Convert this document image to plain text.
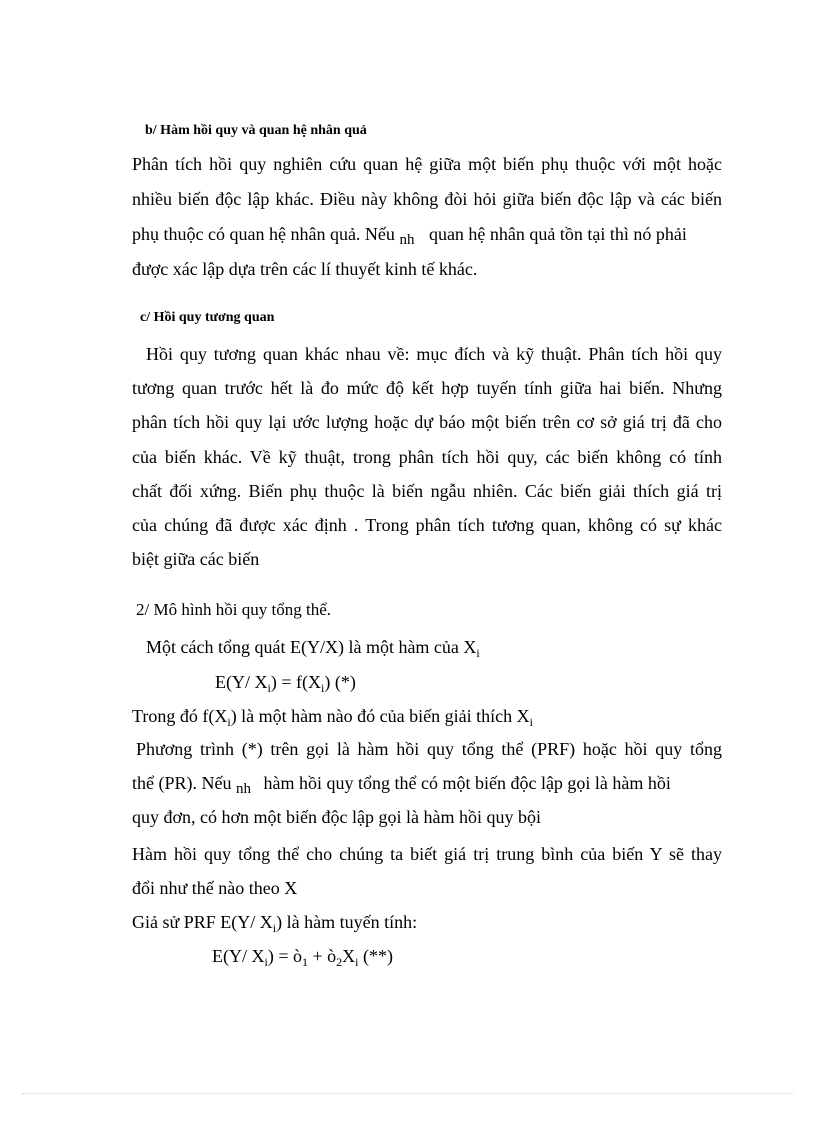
b/ Hàm hồi quy và quan hệ nhân quả
Phân tích hồi quy nghiên cứu quan hệ giữa một biến phụ thuộc với một hoặc
nhiều biến độc lập khác. Điều này không đòi hỏi giữa biến độc lập và các biến
phụ thuộc có quan hệ nhân quả. Nếu $_{nh}$ quan hệ nhân quả tồn tại thì nó phải
được xác lập dựa trên các lí thuyết kinh tế khác.
c/ Hồi quy tương quan
Hồi quy tương quan khác nhau về: mục đích và kỹ thuật. Phân tích hồi quy
tương quan trước hết là đo mức độ kết hợp tuyến tính giữa hai biến. Nhưng
phân tích hồi quy lại ước lượng hoặc dự báo một biến trên cơ sở giá trị đã cho
của biến khác. Về kỹ thuật, trong phân tích hồi quy, các biến không có tính
chất đối xứng. Biến phụ thuộc là biến ngẫu nhiên. Các biến giải thích giá trị
của chúng đã được xác định . Trong phân tích tương quan, không có sự khác
biệt giữa các biến
2/ Mô hình hồi quy tổng thể.
Một cách tổng quát E(Y/X) là một hàm của $X_i$
E(Y/ $X_i) = f(X_i)$ (*)
Trong đó $f(X_i)$ là một hàm nào đó của biến giải thích $X_i$
Phương trình (*) trên gọi là hàm hồi quy tổng thể (PRF) hoặc hồi quy tổng
thể (PR). Nếu $_{nh}$ hàm hồi quy tổng thể có một biến độc lập gọi là hàm hồi
quy đơn, có hơn một biến độc lập gọi là hàm hồi quy bội
Hàm hồi quy tổng thể cho chúng ta biết giá trị trung bình của biến Y sẽ thay
đổi như thế nào theo X
Giả sử PRF E(Y/ $X_i$) là hàm tuyến tính:
E(Y/ $X_i$) = $ò_1$ + $ò_2X_i$ (**)
